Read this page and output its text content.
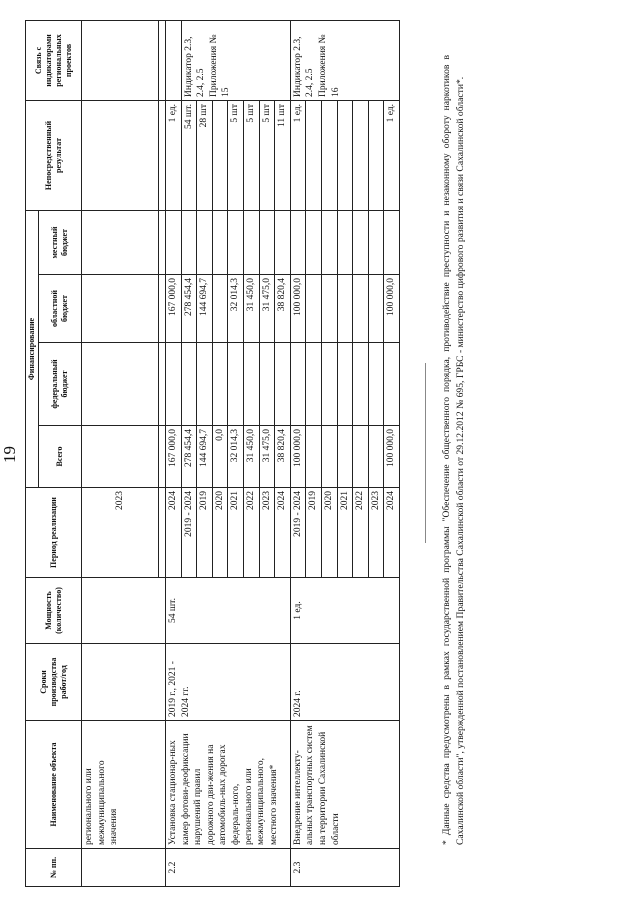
19
№ пп.	Наименование объекта	Сроки производства работ/год	Мощность (количество)	Период реализации	Финансирование				Непосредственный результат	Связь с индикаторами региональных проектов
					Всего	федеральный бюджет	областной бюджет	местный бюджет		
	регионального или межмуниципального значения			2023						

2.2	Установка стационар-ных камер фотови-деофиксации нарушений правил дорожного дви-жения на автомобиль-ных дорогах федераль-ного, регионального или межмуниципального, местного значения*	2019 г., 2021 - 2024 гг.	54 шт.	2024	167 000,0		167 000,0		1 ед.	
				2019 - 2024	278 454,4		278 454,4		54 шт.	Индикатор 2.3, 2.4, 2.5 Приложения № 15
				2019	144 694,7		144 694,7		28 шт	
				2020	0,0					
				2021	32 014,3		32 014,3		5 шт	
				2022	31 450,0		31 450,0		5 шт	
				2023	31 475,0		31 475,0		5 шт	
				2024	38 820,4		38 820,4		11 шт	
2.3	Внедрение интеллекту-альных транспортных систем на территории Сахалинской области	2024 г.	1 ед.	2019 - 2024	100 000,0		100 000,0		1 ед.	Индикатор 2.3, 2.4, 2.5 Приложения № 16
				2019						
				2020						
				2021						
				2022						
				2023						
				2024	100 000,0		100 000,0		1 ед.		* Данные средства предусмотрены в рамках государственной программы "Обеспечение общественного порядка, противодействие преступности и незаконному обороту наркотиков в Сахалинской области", утвержденной постановлением Правительства Сахалинской области от 29.12.2012 № 695, ГРБС - министерство цифрового развития и связи Сахалинской области*.
